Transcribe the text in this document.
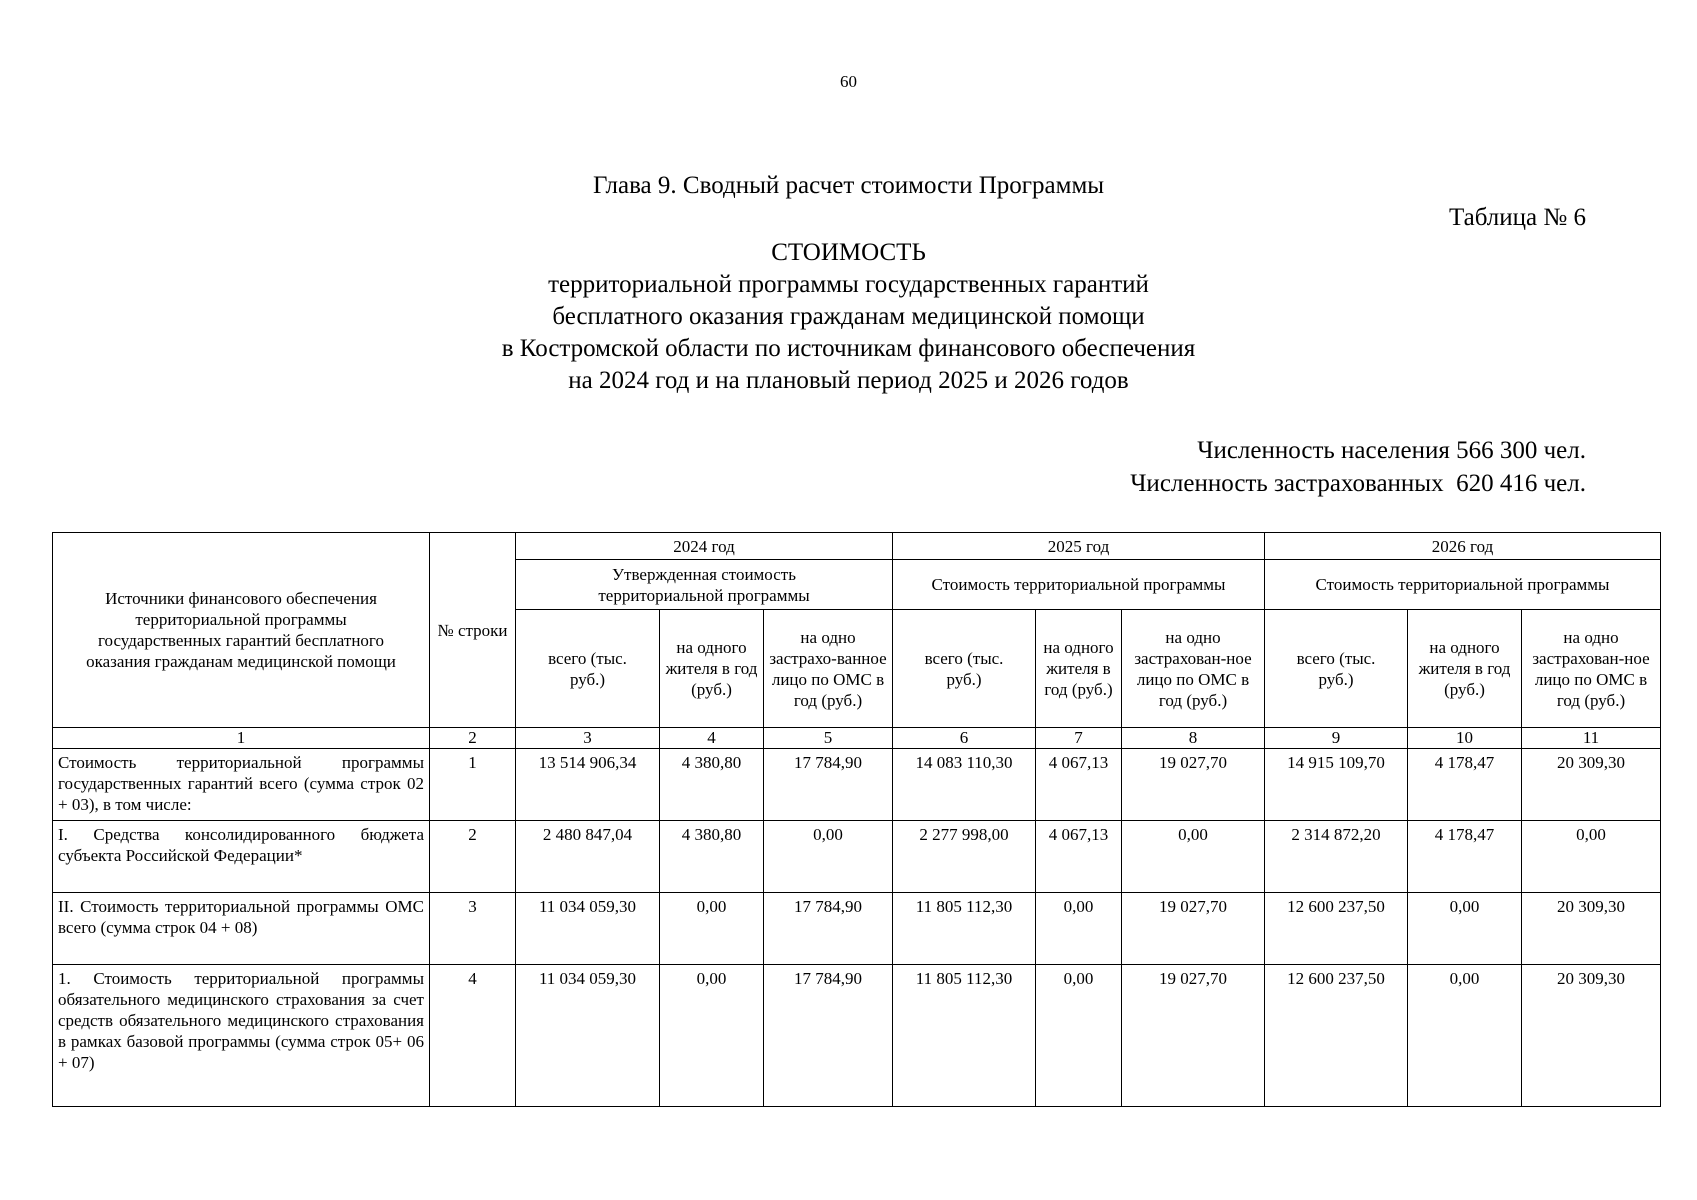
60
Глава 9. Сводный расчет стоимости Программы
Таблица № 6
СТОИМОСТЬ
территориальной программы государственных гарантий
бесплатного оказания гражданам медицинской помощи
в Костромской области по источникам финансового обеспечения
на 2024 год и на плановый период 2025 и 2026 годов
Численность населения 566 300 чел.
Численность застрахованных  620 416 чел.
Источники финансового обеспечения территориальной программы государственных гарантий бесплатного оказания гражданам медицинской помощи	№ строки	2024 год			2025 год			2026 год		
		Утвержденная стоимость территориальной программы			Стоимость территориальной программы			Стоимость территориальной программы		
		всего (тыс. руб.)	на одного жителя в год (руб.)	на одно застрахо-ванное лицо по ОМС в год (руб.)	всего (тыс. руб.)	на одного жителя в год (руб.)	на одно застрахован-ное лицо по ОМС в год (руб.)	всего (тыс. руб.)	на одного жителя в год (руб.)	на одно застрахован-ное лицо по ОМС в год (руб.)
1	2	3	4	5	6	7	8	9	10	11
Стоимость территориальной программы государственных гарантий всего (сумма строк 02 + 03), в том числе:	1	13 514 906,34	4 380,80	17 784,90	14 083 110,30	4 067,13	19 027,70	14 915 109,70	4 178,47	20 309,30
I. Средства консолидированного бюджета субъекта Российской Федерации*	2	2 480 847,04	4 380,80	0,00	2 277 998,00	4 067,13	0,00	2 314 872,20	4 178,47	0,00
II. Стоимость территориальной программы ОМС всего (сумма строк 04 + 08)	3	11 034 059,30	0,00	17 784,90	11 805 112,30	0,00	19 027,70	12 600 237,50	0,00	20 309,30
1. Стоимость территориальной программы обязательного медицинского страхования за счет средств обязательного медицинского страхования в рамках базовой программы (сумма строк 05+ 06 + 07)	4	11 034 059,30	0,00	17 784,90	11 805 112,30	0,00	19 027,70	12 600 237,50	0,00	20 309,30
